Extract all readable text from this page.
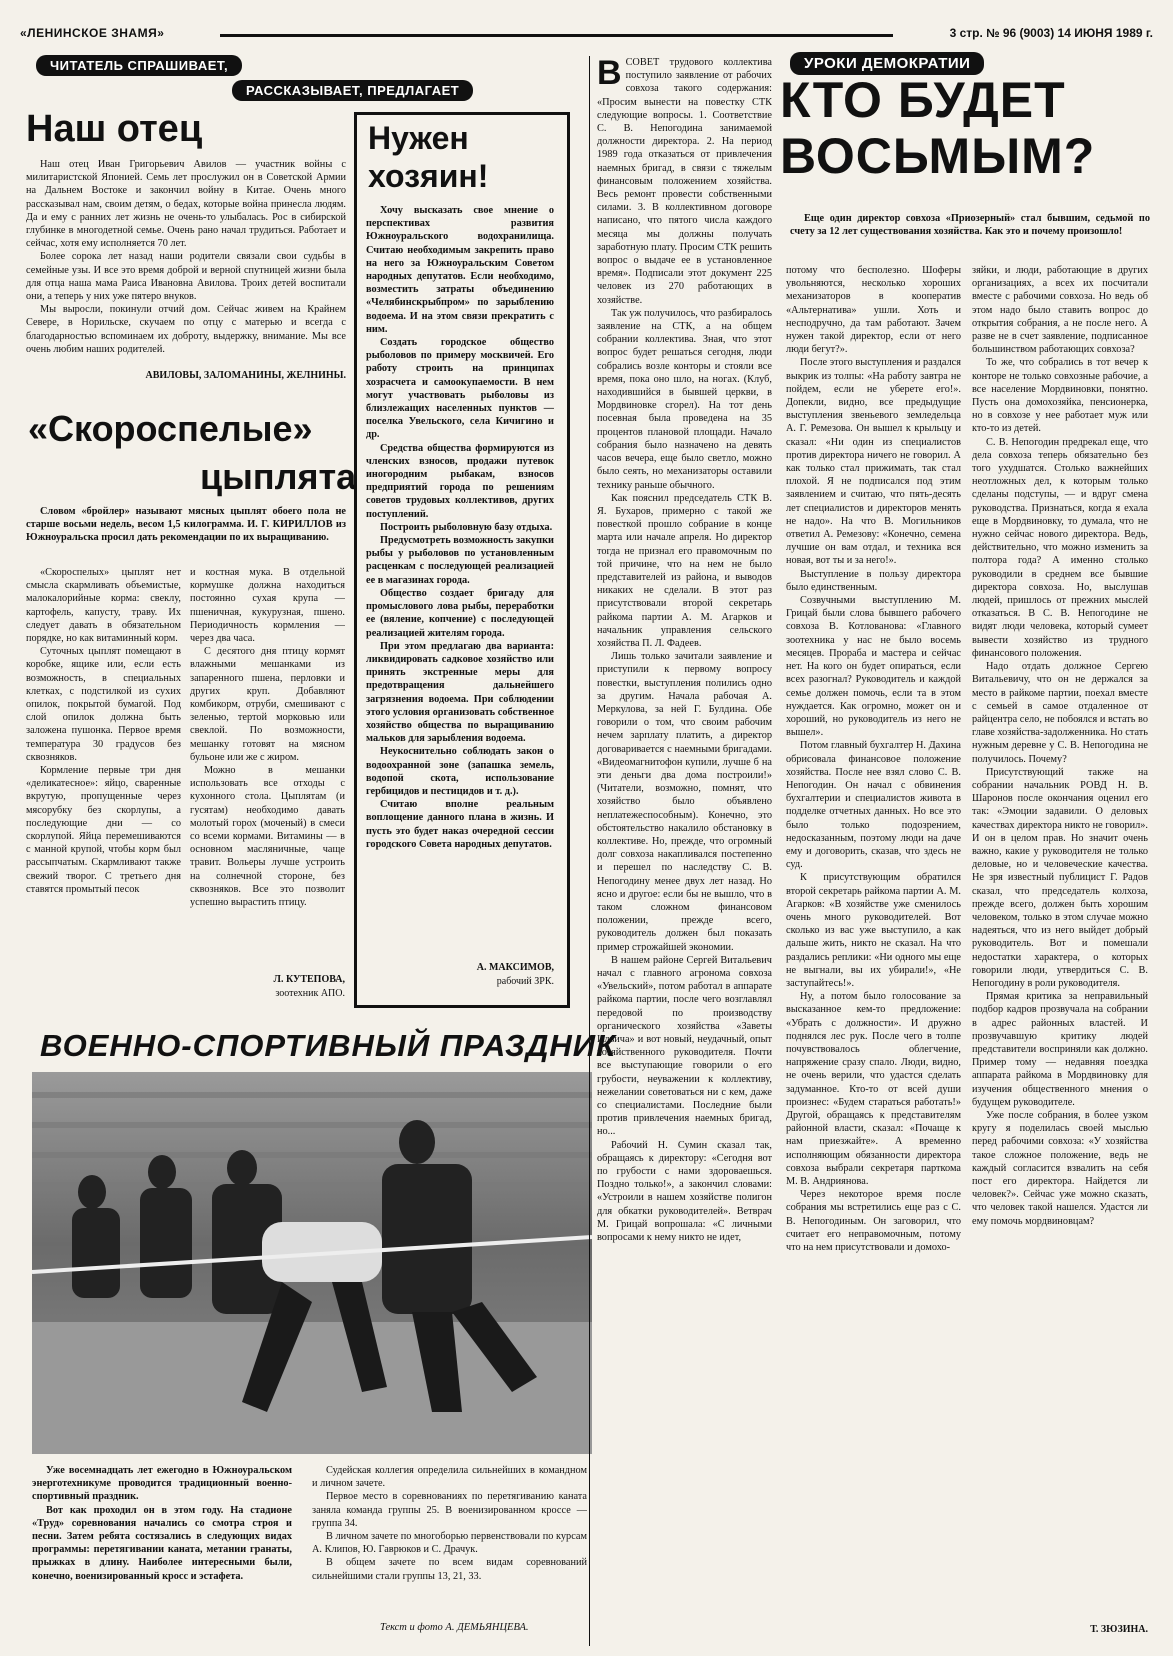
«ЛЕНИНСКОЕ ЗНАМЯ»	3 стр. № 96 (9003) 14 ИЮНЯ 1989 г.
ЧИТАТЕЛЬ СПРАШИВАЕТ,
РАССКАЗЫВАЕТ, ПРЕДЛАГАЕТ
УРОКИ ДЕМОКРАТИИ
Наш отец

Наш отец Иван Григорьевич Авилов — участник войны с милитаристской Японией. Семь лет прослужил он в Советской Армии на Дальнем Востоке и закончил войну в Китае. Очень много рассказывал нам, своим детям, о бедах, которые война принесла людям. Да и ему с ранних лет жизнь не очень-то улыбалась. Рос в сибирской глубинке в многодетной семье. Очень рано начал трудиться. Работает и сейчас, хотя ему исполняется 70 лет.

Более сорока лет назад наши родители связали свои судьбы в семейные узы. И все это время доброй и верной спутницей жизни была для отца наша мама Раиса Ивановна Авилова. Троих детей воспитали они, а теперь у них уже пятеро внуков.

Мы выросли, покинули отчий дом. Сейчас живем на Крайнем Севере, в Норильске, скучаем по отцу с матерью и всегда с благодарностью вспоминаем их доброту, выдержку, внимание. Мы все очень любим наших родителей.

АВИЛОВЫ, ЗАЛОМАНИНЫ, ЖЕЛНИНЫ.
«Скороспелые»
цыплята

Словом «бройлер» называют мясных цыплят обоего пола не старше восьми недель, весом 1,5 килограмма. И. Г. КИРИЛЛОВ из Южноуральска просил дать рекомендации по их выращиванию.

«Скороспелых» цыплят нет смысла скармливать объемистые, малокалорийные корма: свеклу, картофель, капусту, траву. Их следует давать в обязательном порядке, но как витаминный корм.

Суточных цыплят помещают в коробке, ящике или, если есть возможность, в специальных клетках, с подстилкой из сухих опилок, покрытой бумагой. Под слой опилок должна быть заложена пушонка. Первое время температура 30 градусов без сквозняков.

Кормление первые три дня «деликатесное»: яйцо, сваренные вкрутую, пропущенные через мясорубку без скорлупы, а последующие дни — со скорлупой. Яйца перемешиваются с манной крупой, чтобы корм был рассыпчатым. Скармливают также свежий творог. С третьего дня ставятся промытый песок

и костная мука. В отдельной кормушке должна находиться постоянно сухая крупа — пшеничная, кукурузная, пшено. Периодичность кормления — через два часа.

С десятого дня птицу кормят влажными мешанками из запаренного пшена, перловки и других круп. Добавляют комбикорм, отруби, смешивают с зеленью, тертой морковью или свеклой. По возможности, мешанку готовят на мясном бульоне или же с жиром.

Можно в мешанки использовать все отходы с кухонного стола. Цыплятам (и гусятам) необходимо давать молотый горох (моченый) в смеси со всеми кормами. Витамины — в основном масляничные, чаще травит. Вольеры лучше устроить на солнечной стороне, без сквозняков. Все это позволит успешно вырастить птицу.

Л. КУТЕПОВА,
зоотехник АПО.
Нужен
хозяин!

Хочу высказать свое мнение о перспективах развития Южноуральского водохранилища. Считаю необходимым закрепить право на него за Южноуральским Советом народных депутатов. Если необходимо, возместить затраты объединению «Челябинскрыбпром» по зарыблению водоема. И на этом связи прекратить с ним.

Создать городское общество рыболовов по примеру москвичей. Его работу строить на принципах хозрасчета и самоокупаемости. В нем могут участвовать рыболовы из близлежащих населенных пунктов — поселка Увельского, села Кичигино и др.

Средства общества формируются из членских взносов, продажи путевок иногородним рыбакам, взносов предприятий города по решениям советов трудовых коллективов, других поступлений.

Построить рыболовную базу отдыха.

Предусмотреть возможность закупки рыбы у рыболовов по установленным расценкам с последующей реализацией ее в магазинах города.

Общество создает бригаду для промыслового лова рыбы, переработки ее (вяление, копчение) с последующей реализацией жителям города.

При этом предлагаю два варианта: ликвидировать садковое хозяйство или принять экстренные меры для предотвращения дальнейшего загрязнения водоема. При соблюдении этого условия организовать собственное хозяйство общества по выращиванию мальков для зарыбления водоема.

Неукоснительно соблюдать закон о водоохранной зоне (запашка земель, водопой скота, использование гербицидов и пестицидов и т. д.).

Считаю вполне реальным воплощение данного плана в жизнь. И пусть это будет наказ очередной сессии городского Совета народных депутатов.

А. МАКСИМОВ,
рабочий ЗРК.
ВОЕННО-СПОРТИВНЫЙ ПРАЗДНИК

Уже восемнадцать лет ежегодно в Южноуральском энерготехникуме проводится традиционный военно-спортивный праздник.

Вот как проходил он в этом году. На стадионе «Труд» соревнования начались со смотра строя и песни. Затем ребята состязались в следующих видах программы: перетягивании каната, метании гранаты, прыжках в длину. Наиболее интересными были, конечно, военизированный кросс и эстафета.

Судейская коллегия определила сильнейших в командном и личном зачете.

Первое место в соревнованиях по перетягиванию каната заняла команда группы 25. В военизированном кроссе — группа 34.

В личном зачете по многоборью первенствовали по курсам А. Клипов, Ю. Гаврюков и С. Драчук.

В общем зачете по всем видам соревнований сильнейшими стали группы 13, 21, 33.

Текст и фото А. ДЕМЬЯНЦЕВА.
КТО БУДЕТ
ВОСЬМЫМ?

Еще один директор совхоза «Приозерный» стал бывшим, седьмой по счету за 12 лет существования хозяйства. Как это и почему произошло!

В СОВЕТ трудового коллектива поступило заявление от рабочих совхоза такого содержания: «Просим вынести на повестку СТК следующие вопросы. 1. Соответствие С. В. Непогодина занимаемой должности директора. 2. На период 1989 года отказаться от привлечения наемных бригад, в связи с тяжелым финансовым положением хозяйства. Весь ремонт провести собственными силами. 3. В коллективном договоре написано, что пятого числа каждого месяца мы должны получать заработную плату. Просим СТК решить вопрос о выдаче ее в установленное время». Подписали этот документ 225 человек из 270 работающих в хозяйстве.

Так уж получилось, что разбиралось заявление на СТК, а на общем собрании коллектива. Зная, что этот вопрос будет решаться сегодня, люди собрались возле конторы и стояли все время, пока оно шло, на ногах. (Клуб, находившийся в бывшей церкви, в Мордвиновке сгорел). На тот день посевная была проведена на 35 процентов плановой площади. Начало собрания было назначено на девять часов вечера, еще было светло, можно было сеять, но механизаторы оставили технику раньше обычного.

Как пояснил председатель СТК В. Я. Бухаров, примерно с такой же повесткой прошло собрание в конце марта или начале апреля. Но директор тогда не признал его правомочным по той причине, что на нем не было представителей из района, и выводов никаких не сделали. В этот раз присутствовали второй секретарь райкома партии А. М. Агарков и начальник управления сельского хозяйства П. Л. Фадеев.

Лишь только зачитали заявление и приступили к первому вопросу повестки, выступления полились одно за другим. Начала рабочая А. Меркулова, за ней Г. Булдина. Обе говорили о том, что своим рабочим нечем зарплату платить, а директор договаривается с наемными бригадами. «Видеомагнитофон купили, лучше б на эти деньги два дома построили!» (Читатели, возможно, помнят, что хозяйство было объявлено неплатежеспособным). Конечно, это обстоятельство накалило обстановку в коллективе. Но, прежде, что огромный долг совхоза накапливался постепенно и перешел по наследству С. В. Непогодину менее двух лет назад. Но ясно и другое: если бы не вышло, что в таком сложном финансовом положении, прежде всего, руководитель должен был показать пример строжайшей экономии.

В нашем районе Сергей Витальевич начал с главного агронома совхоза «Увельский», потом работал в аппарате райкома партии, после чего возглавлял передовой по производству органического хозяйства «Заветы Ильича» и вот новый, неудачный, опыт хозяйственного руководителя. Почти все выступающие говорили о его грубости, неуважении к коллективу, нежелании советоваться ни с кем, даже со специалистами. Последние были против привлечения наемных бригад, но...

Рабочий Н. Сумин сказал так, обращаясь к директору: «Сегодня вот по грубости с нами здороваешься. Поздно только!», а закончил словами: «Устроили в нашем хозяйстве полигон для обкатки руководителей». Ветврач М. Грицай вопрошала: «С личными вопросами к нему никто не идет,

потому что бесполезно. Шоферы увольняются, несколько хороших механизаторов в кооператив «Альтернатива» ушли. Хоть и несподручно, да там работают. Зачем нужен такой директор, если от него люди бегут?».

После этого выступления и раздался выкрик из толпы: «На работу завтра не пойдем, если не уберете его!». Допекли, видно, все предыдущие выступления звеньевого земледельца А. Г. Ремезова. Он вышел к крыльцу и сказал: «Ни один из специалистов против директора ничего не говорил. А как только стал прижимать, так стал плохой. Я не подписался под этим заявлением и считаю, что пять-десять лет специалистов и директоров менять не надо». На что В. Могильников ответил А. Ремезову: «Конечно, семена лучшие он вам отдал, и техника вся новая, вот ты и за него!».

Выступление в пользу директора было единственным.

Созвучными выступлению М. Грицай были слова бывшего рабочего совхоза В. Котлованова: «Главного зоотехника у нас не было восемь месяцев. Прораба и мастера и сейчас нет. На кого он будет опираться, если всех разогнал? Руководитель и каждой семье должен помочь, если та в этом нуждается. Как огромно, может он и хороший, но руководитель из него не вышел».

Потом главный бухгалтер Н. Дахина обрисовала финансовое положение хозяйства. После нее взял слово С. В. Непогодин. Он начал с обвинения бухгалтерии и специалистов живота в подделке отчетных данных. Но все это было только подозрением, недосказанным, поэтому люди на даче ему и договорить, сказав, что здесь не суд.

К присутствующим обратился второй секретарь райкома партии А. М. Агарков: «В хозяйстве уже сменилось очень много руководителей. Вот сколько из вас уже выступило, а как дальше жить, никто не сказал. На что раздались реплики: «Ни одного мы еще не выгнали, вы их убирали!», «Не заступайтесь!».

Ну, а потом было голосование за высказанное кем-то предложение: «Убрать с должности». И дружно поднялся лес рук. После чего в толпе почувствовалось облегчение, напряжение сразу спало. Люди, видно, не очень верили, что удастся сделать задуманное. Кто-то от всей души произнес: «Будем стараться работать!» Другой, обращаясь к представителям районной власти, сказал: «Почаще к нам приезжайте». А временно исполняющим обязанности директора совхоза выбрали секретаря парткома М. В. Андриянова.

Через некоторое время после собрания мы встретились еще раз с С. В. Непогодиным. Он заговорил, что считает его неправомочным, потому что на нем присутствовали и домохо-

зяйки, и люди, работающие в других организациях, а всех их посчитали вместе с рабочими совхоза. Но ведь об этом надо было ставить вопрос до открытия собрания, а не после него. А разве не в счет заявление, подписанное большинством работающих совхоза?

То же, что собрались в тот вечер к конторе не только совхозные рабочие, а все население Мордвиновки, понятно. Пусть она домохозяйка, пенсионерка, но в совхозе у нее работает муж или кто-то из детей.

С. В. Непогодин предрекал еще, что дела совхоза теперь обязательно без того ухудшатся. Столько важнейших неотложных дел, к которым только сделаны подступы, — и вдруг смена руководства. Признаться, когда я ехала еще в Мордвиновку, то думала, что не нужно сейчас нового директора. Ведь, действительно, что можно изменить за полтора года? А именно столько руководили в среднем все бывшие директора совхоза. Но, выслушав людей, пришлось от прежних мыслей отказаться. В С. В. Непогодине не видят люди человека, который сумеет вывести хозяйство из трудного финансового положения.

Надо отдать должное Сергею Витальевичу, что он не держался за место в райкоме партии, поехал вместе с семьей в самое отдаленное от райцентра село, не побоялся и встать во главе хозяйства-задолженника. Но стать нужным деревне у С. В. Непогодина не получилось. Почему?

Присутствующий также на собрании начальник РОВД Н. В. Шаронов после окончания оценил его так: «Эмоции задавили. О деловых качествах директора никто не говорил». И он в целом прав. Но значит очень важно, какие у руководителя не только деловые, но и человеческие качества. Не зря известный публицист Г. Радов сказал, что председатель колхоза, прежде всего, должен быть хорошим человеком, только в этом случае можно надеяться, что из него выйдет добрый руководитель. Вот и помешали недостатки характера, о которых говорили люди, утвердиться С. В. Непогодину в роли руководителя.

Прямая критика за неправильный подбор кадров прозвучала на собрании в адрес районных властей. И прозвучавшую критику людей представители восприняли как должно. Пример тому — недавняя поездка аппарата райкома в Мордвиновку для изучения общественного мнения о будущем руководителе.

Уже после собрания, в более узком кругу я поделилась своей мыслью перед рабочими совхоза: «У хозяйства такое сложное положение, ведь не каждый согласится взвалить на себя пост его директора. Найдется ли человек?». Сейчас уже можно сказать, что человек такой нашелся. Удастся ли ему помочь мордвиновцам?

Т. ЗЮЗИНА.
